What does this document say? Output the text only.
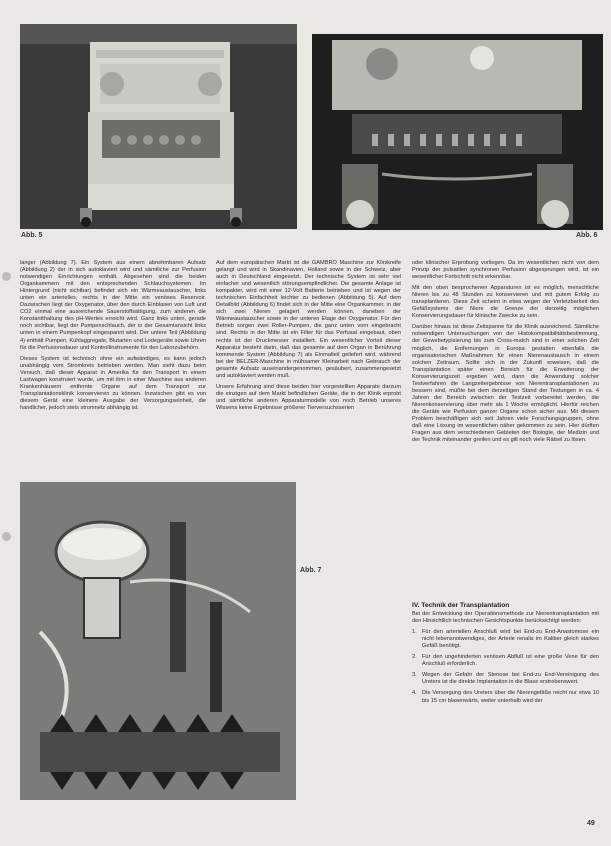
Abb. 5	Abb. 6

langer (Abbildung 7). Ein System aus einem abnehmbaren Aufsatz (Abbildung 2) der in sich autoklaviert wird und sämtliche zur Perfusion notwendigen Einrichtungen enthält. Abgesehen sind die beiden Organkammern mit den entsprechenden Schlauchsystemen. Im Hintergrund (nicht sichtbar) befindet sich ein Wärmeaustauscher, links unten ein arterielles, rechts in der Mitte ein venöses Reservoir. Dazwischen liegt der Oxygenator, über den durch Einblasen von Luft und CO2 einmal eine ausreichende Sauerstoffsättigung, zum anderen die Konstantthaltung des pH-Wertes erreicht wird. Ganz links unten, gerade noch sichtbar, liegt der Pumpenschlauch, der in der Gesamtansicht links unten in einem Pumpenkopf eingespannt wird. Der untere Teil (Abbildung 4) enthält Pumpen, Kühlaggregate, Blutarten und Lodegeräte sowie Uhren für die Perfusionsdauer und Kontrollinstrumente für den Laborzubehörn.

Dieses System ist technisch ohne ein aufwändiges, es kann jedoch unabhängig vom Stromkreis betrieben werden. Man sieht dazu beim Versuch, daß dieser Apparat in Amerika für den Transport in einem Lastwagen konstruiert wurde, um mit ihm in einer Maschine aus anderen Krankenhäusern entfernte Organe auf dem Transport zur Transplantationsklinik konservieren zu können. Inzwischen gibt es von diesem Gerät eine kleinere Ausgabe der Versorgungseinheit, die handlicher, jedoch stets stromnetz abhängig ist.

Auf dem europäischen Markt ist die GAMBRO Maschine zur Klinikreife gelangt und wird in Skandinavien, Holland sowie in der Schweiz, aber auch in Deutschland eingesetzt. Der technische System ist sehr viel einfacher und wesentlich störungsempfindlicher. Die gesamte Anlage ist kompakter, wird mit einer 12-Volt Batterie betrieben und ist wegen der technischen Einfachheit leichter zu bedienen (Abbildung 5). Auf dem Detailbild (Abbildung 6) findet sich in der Mitte eine Organkammer, in der sich zwei Nieren gelagert werden können, daneben der Wärmeaustauscher sowie in der unteren Etage der Oxygenator. Für den Betrieb sorgen zwei Roller-Pumpen, die ganz unten vorn eingebracht sind. Rechts in der Mitte ist ein Filter für das Perfusat eingebaut, oben rechts ist der Druckmesser installiert. Ein wesentlicher Vorteil dieser Apparatur besteht darin, daß das gesamte auf dem Organ in Berührung kommende System (Abbildung 7) als Einmalteil geliefert wird, während bei der BELZER-Maschine in mühsamer Kleinarbeit nach Gebrauch der gesamte Aufsatz auseinandergenommen, gesäubert, zusammengesetzt und autoklaviert werden muß.

Unsere Erfahrung sind diese beiden hier vorgestellten Apparate darzum die einzigen auf dem Markt befindlichen Geräte, die in der Klinik erprobt und sämtliche anderen Apparaturmodelle von noch Betrieb unseres Wissens keine Ergebnisse größerer Tierversuchsserien

oder klinischer Erprobung vorliegen. Da im wesentlichen nicht von dem Prinzip der pulsatilen synchronen Perfusion abgesprungen wird, ist ein wesentlicher Fortschritt nicht erkennbar.

Mit den oben besprochenen Apparaturen ist es möglich, menschliche Nieren bis zu 48 Stunden zu konservieren und mit gutem Erfolg zu transplantieren. Diese Zeit scheint in etwa wegen der Verletzbarkeit des Gefäßsystems der Niere die Grenze der derzeitig möglichen Konservierungsdauer für klinische Zwecke zu sein.

Darüber hinaus ist diese Zeitspanne für die Klinik ausreichend. Sämtliche notwendigen Untersuchungen von der Histokompatibilitätsbestimmung, der Gewebetypisierung bis zum Cross-match sind in einer solchen Zeit möglich, die Entfernungen in Europa gestatten ebenfalls die organisatorischen Maßnahmen für einen Nierenaustausch in einem solchen Zeitraum. Sollte sich in der Zukunft erweisen, daß die Transplantation später einen Bereich für die Erweiterung der Konservierungszeit ergeben wird, dann die Anwendung solcher Testverfahren die Langzeitergebnisse von Nierentransplantationen zu bessern sind, müßte bei dem derzeitigen Stand der Testungen in ca. 4 Jahren der Bereich zwischen der Testzeit vorbereitet werden, die Nierenkonservierung über mehr als 1 Woche ermöglicht. Hierfür reichen die Geräte wie Perfusion ganzer Organe schon sicher aus. Mit diesem Problem beschäftigen sich seit Jahren viele Forschungsgruppen, ohne daß eine Lösung im wesentlichen näher gekommen zu sein. Hier dürften Fragen aus dem verschiedenen Gebieten der Biologie, der Medizin und der Technik miteinander greifen und es gilt noch viele Rätsel zu lösen.

IV. Technik der Transplantation

Bei der Entwicklung der Operationsmethode zur Nierentransplantation mit den Hinsichtlich technischen Gesichtspunkte berücksichtigt werden:

1. Für den arteriellen Anschluß wird bei End-zu End-Anastomose ein nicht lebensnotwendiges, der Arterie renalis im Kaliber gleich starkes Gefäß benötigt.
2. Für den ungehinderten venösen Abfluß ist eine große Vene für den Anschluß erforderlich.
3. Wegen der Gefahr der Stenose bei End-zu End-Vereinigung des Ureters ist die direkte Implantation in die Blase erstrebenswert.
4. Die Versorgung des Ureters über die Nierengefäße reicht nur etwa 10 bis 15 cm blasenwärts, weiter unterhalb wird der
Abb. 7
49
